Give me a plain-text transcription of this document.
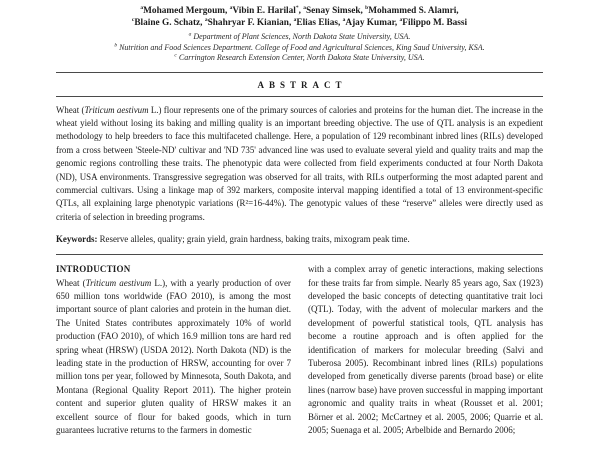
$^a$Mohamed Mergoum, $^a$Vibin E. Harilal*, $^a$Senay Simsek, $^b$Mohammed S. Alamri,
$^c$Blaine G. Schatz, $^a$Shahryar F. Kianian, $^a$Elias Elias, $^a$Ajay Kumar, $^a$Filippo M. Bassi
$^a$ Department of Plant Sciences, North Dakota State University, USA.
$^b$ Nutrition and Food Sciences Department. College of Food and Agricultural Sciences, King Saud University, KSA.
$^c$ Carrington Research Extension Center, North Dakota State University, USA.
ABSTRACT

Wheat (Triticum aestivum L.) flour represents one of the primary sources of calories and proteins for the human diet. The increase in the wheat yield without losing its baking and milling quality is an important breeding objective. The use of QTL analysis is an expedient methodology to help breeders to face this multifaceted challenge. Here, a population of 129 recombinant inbred lines (RILs) developed from a cross between 'Steele-ND' cultivar and 'ND 735' advanced line was used to evaluate several yield and quality traits and map the genomic regions controlling these traits. The phenotypic data were collected from field experiments conducted at four North Dakota (ND), USA environments. Transgressive segregation was observed for all traits, with RILs outperforming the most adapted parent and commercial cultivars. Using a linkage map of 392 markers, composite interval mapping identified a total of 13 environment-specific QTLs, all explaining large phenotypic variations (R²=16-44%). The genotypic values of these “reserve” alleles were directly used as criteria of selection in breeding programs.

Keywords: Reserve alleles, quality; grain yield, grain hardness, baking traits, mixogram peak time.

INTRODUCTION

Wheat (Triticum aestivum L.), with a yearly production of over 650 million tons worldwide (FAO 2010), is among the most important source of plant calories and protein in the human diet. The United States contributes approximately 10% of world production (FAO 2010), of which 16.9 million tons are hard red spring wheat (HRSW) (USDA 2012). North Dakota (ND) is the leading state in the production of HRSW, accounting for over 7 million tons per year, followed by Minnesota, South Dakota, and Montana (Regional Quality Report 2011). The higher protein content and superior gluten quality of HRSW makes it an excellent source of flour for baked goods, which in turn guarantees lucrative returns to the farmers in domestic

with a complex array of genetic interactions, making selections for these traits far from simple. Nearly 85 years ago, Sax (1923) developed the basic concepts of detecting quantitative trait loci (QTL). Today, with the advent of molecular markers and the development of powerful statistical tools, QTL analysis has become a routine approach and is often applied for the identification of markers for molecular breeding (Salvi and Tuberosa 2005). Recombinant inbred lines (RILs) populations developed from genetically diverse parents (broad base) or elite lines (narrow base) have proven successful in mapping important agronomic and quality traits in wheat (Rousset et al. 2001; Börner et al. 2002; McCartney et al. 2005, 2006; Quarrie et al. 2005; Suenaga et al. 2005; Arbelbide and Bernardo 2006;
